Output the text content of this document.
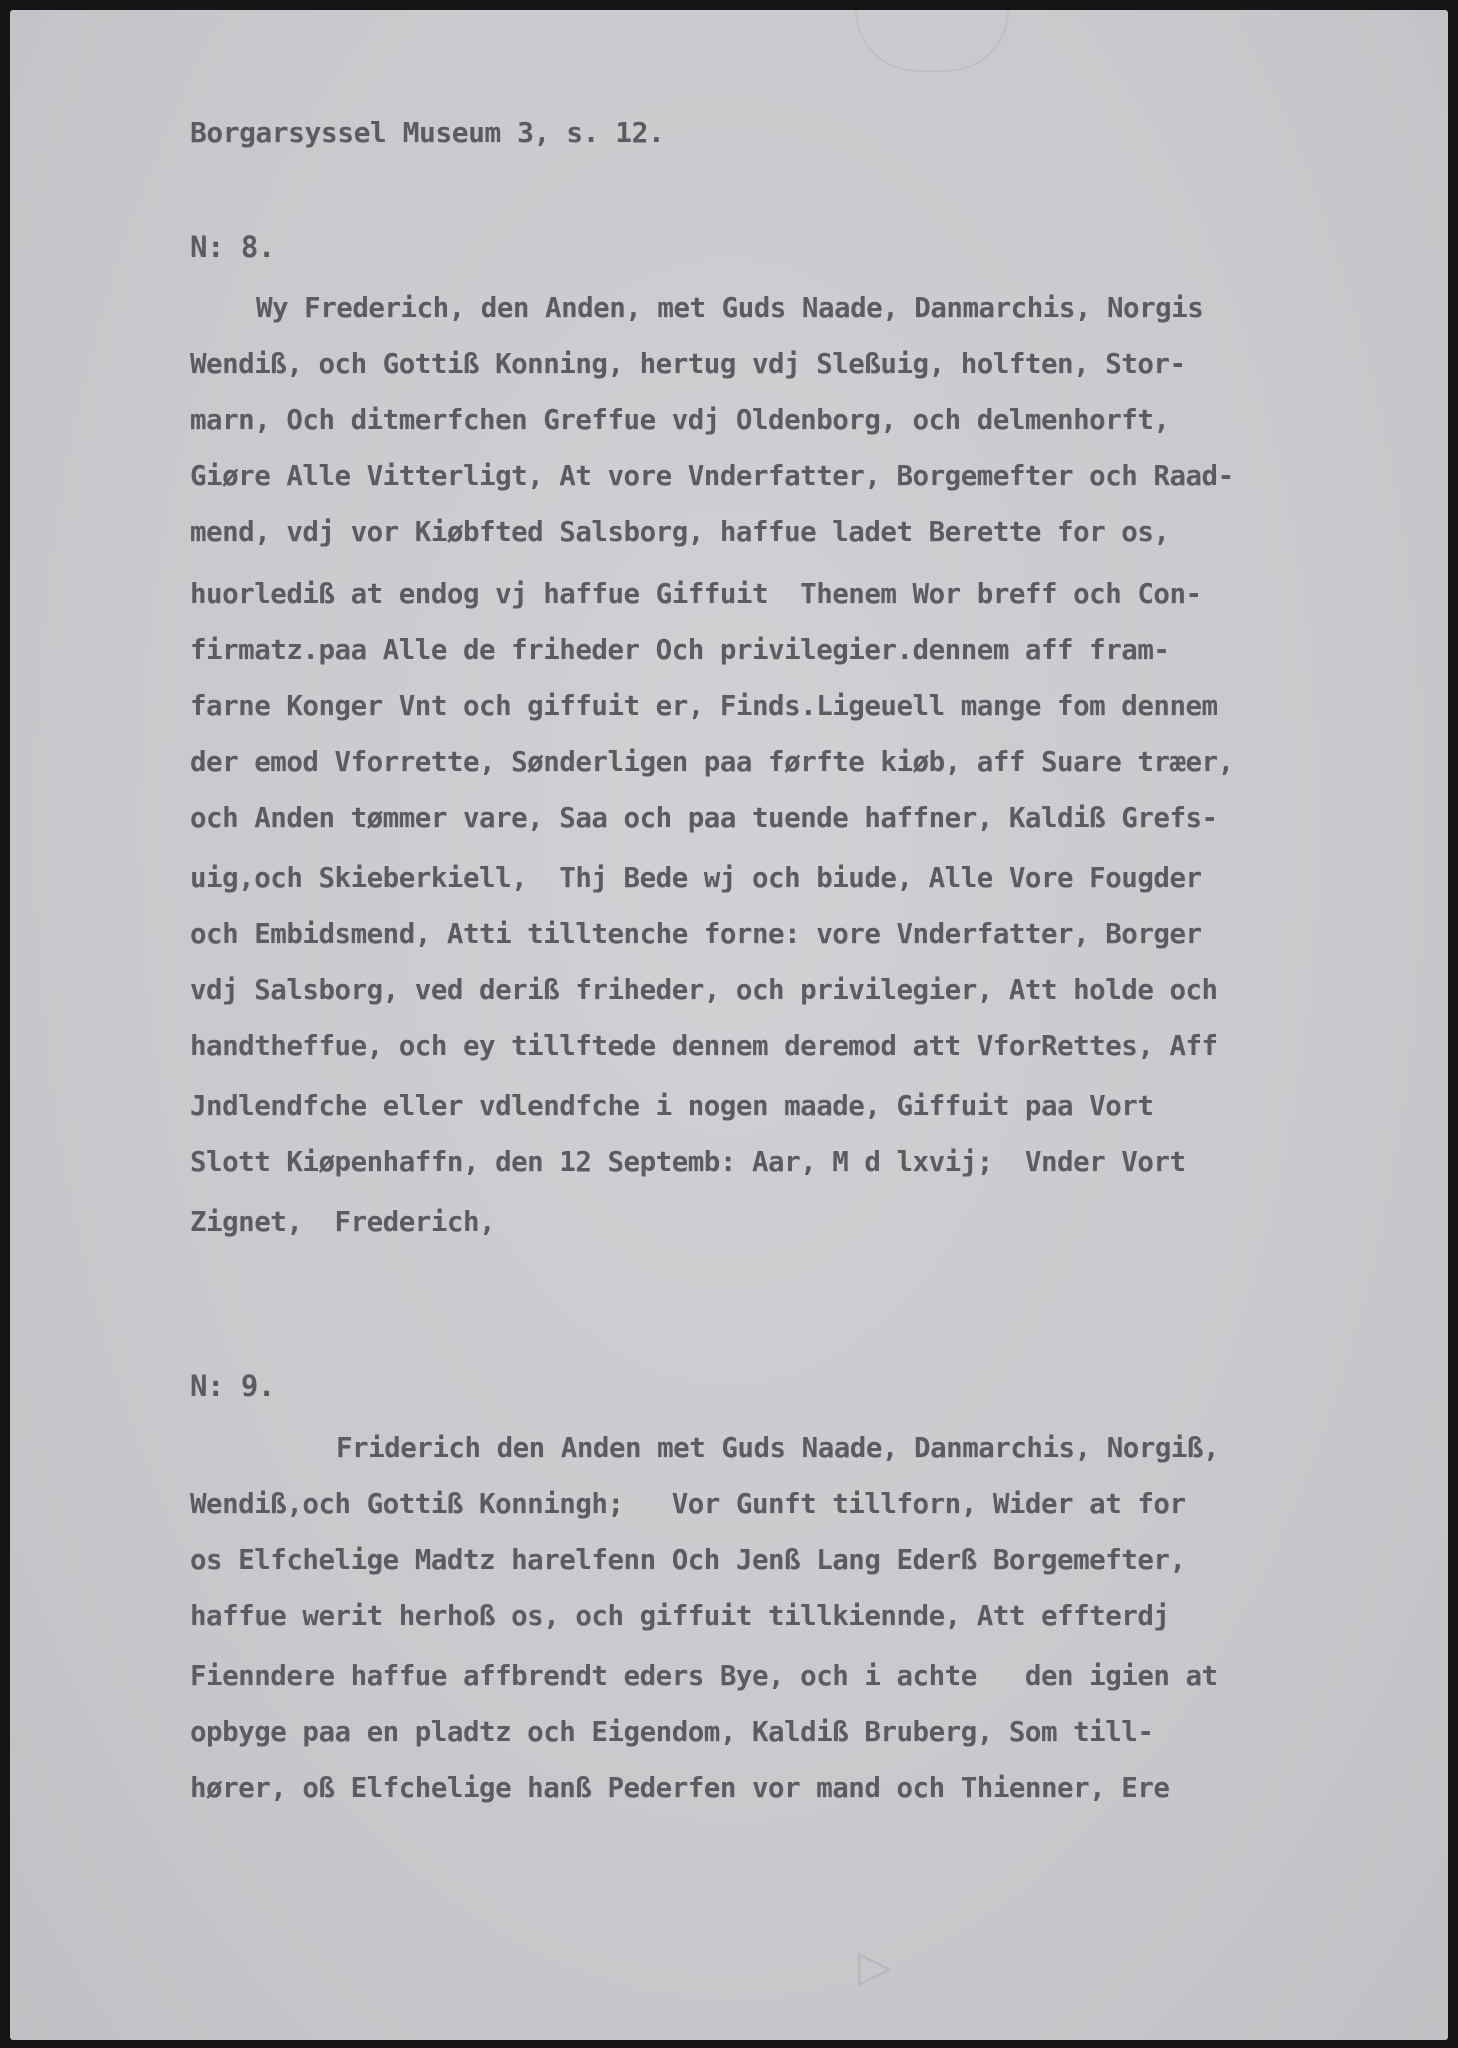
Borgarsyssel Museum 3, s. 12.

N: 8.

Wy Frederich, den Anden, met Guds Naade, Danmarchis, Norgis

Wendiß, och Gottiß Konning, hertug vdj Sleßuig, holften, Stor-

marn, Och ditmerfchen Greffue vdj Oldenborg, och delmenhorft,

Giøre Alle Vitterligt, At vore Vnderfatter, Borgemefter och Raad-

mend, vdj vor Kiøbfted Salsborg, haffue ladet Berette for os,

huorlediß at endog vj haffue Giffuit  Thenem Wor breff och Con-

firmatz.paa Alle de friheder Och privilegier.dennem aff fram-

farne Konger Vnt och giffuit er, Finds.Ligeuell mange fom dennem

der emod Vforrette, Sønderligen paa førfte kiøb, aff Suare træer,

och Anden tømmer vare, Saa och paa tuende haffner, Kaldiß Grefs-

uig,och Skieberkiell,  Thj Bede wj och biude, Alle Vore Fougder

och Embidsmend, Atti tilltenche forne: vore Vnderfatter, Borger

vdj Salsborg, ved deriß friheder, och privilegier, Att holde och

handtheffue, och ey tillftede dennem deremod att VforRettes, Aff

Jndlendfche eller vdlendfche i nogen maade, Giffuit paa Vort

Slott Kiøpenhaffn, den 12 Septemb: Aar, M d lxvij;  Vnder Vort

Zignet,  Frederich,

N: 9.

Friderich den Anden met Guds Naade, Danmarchis, Norgiß,

Wendiß,och Gottiß Konningh;   Vor Gunft tillforn, Wider at for

os Elfchelige Madtz harelfenn Och Jenß Lang Ederß Borgemefter,

haffue werit herhoß os, och giffuit tillkienndе, Att efftеrdj

Fienndere haffue affbrendt eders Bye, och i achte   den igien at

opbyge paa en pladtz och Eigendom, Kaldiß Bruberg, Som till-

hører, oß Elfchelige hanß Pederfen vor mand och Thienner, Ere

▷
